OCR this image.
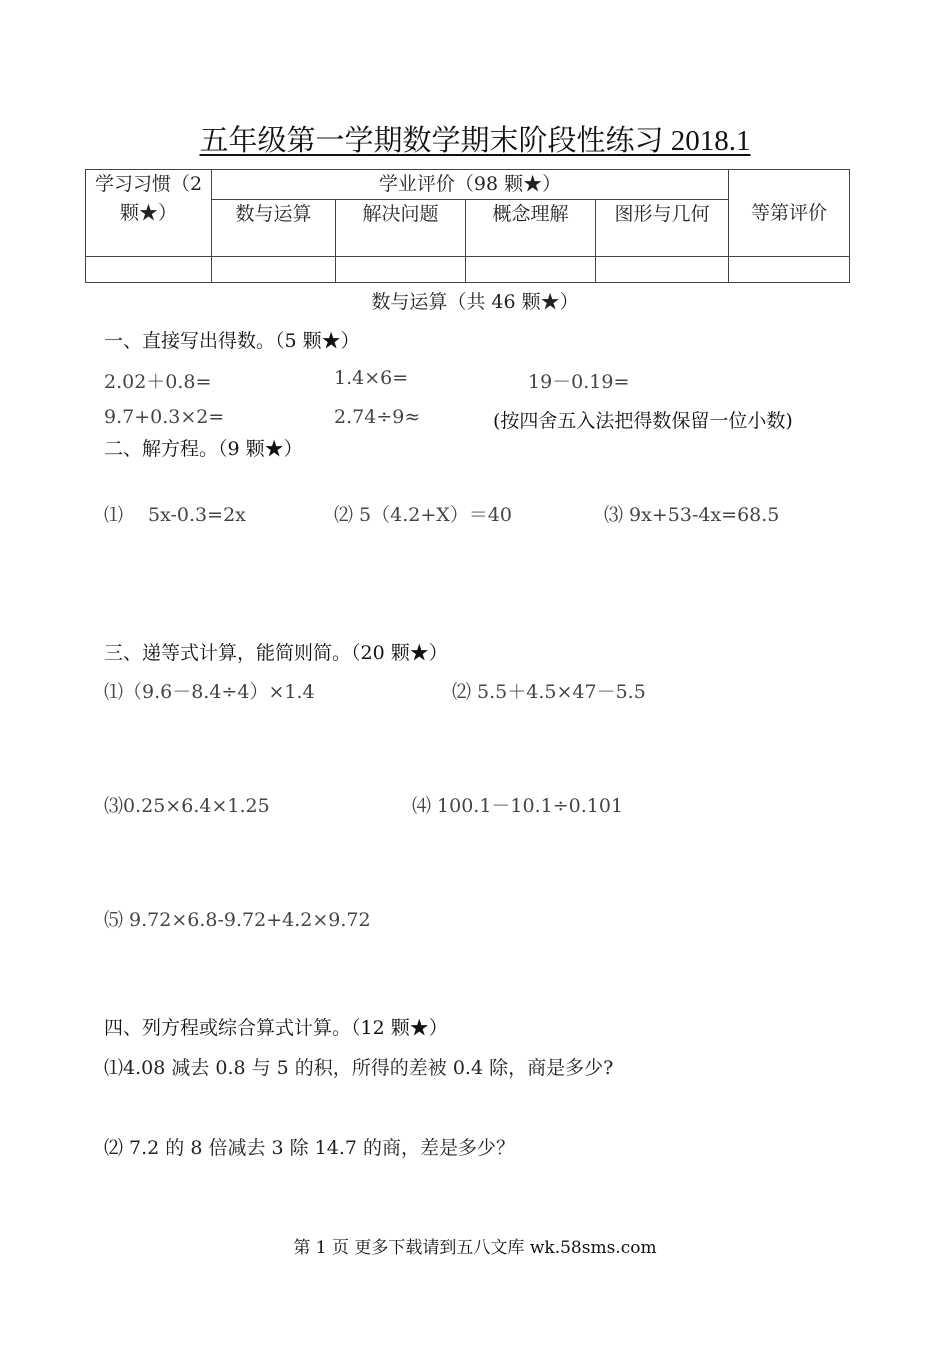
五年级第一学期数学期末阶段性练习 2018.1
学习习惯（2 颗★）	学业评价（98 颗★）				等第评价
	数与运算	解决问题	概念理解	图形与几何	

数与运算（共 46 颗★）
一、直接写出得数。（5 颗★）
2.02＋0.8=	1.4×6=	19－0.19=
9.7+0.3×2=	2.74÷9≈	(按四舍五入法把得数保留一位小数)
二、解方程。（9 颗★）
⑴　 5x-0.3=2x	⑵ 5（4.2+X）＝40	⑶ 9x+53-4x=68.5
三、递等式计算，能简则简。（20 颗★）
⑴（9.6－8.4÷4）×1.4	⑵ 5.5＋4.5×47－5.5
⑶0.25×6.4×1.25	⑷ 100.1－10.1÷0.101
⑸ 9.72×6.8-9.72+4.2×9.72
四、列方程或综合算式计算。（12 颗★）
⑴4.08 减去 0.8 与 5 的积，所得的差被 0.4 除，商是多少?
⑵ 7.2 的 8 倍减去 3 除 14.7 的商，差是多少？
第 1 页 更多下载请到五八文库 wk.58sms.com
